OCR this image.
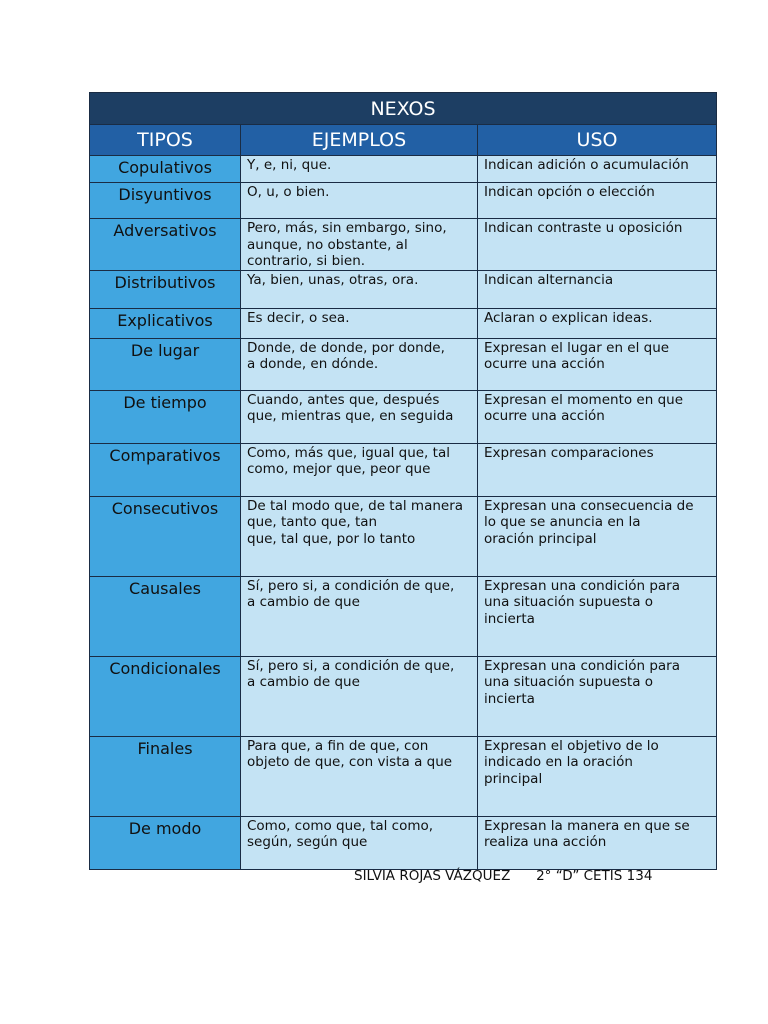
NEXOS		
TIPOS	EJEMPLOS	USO
Copulativos	Y, e, ni, que.	Indican adición o acumulación

Disyuntivos	O, u, o bien.	Indican opción o elección

Adversativos	Pero, más, sin embargo, sino,
aunque, no obstante, al
contrario, si bien.	Indican contraste u oposición

Distributivos	Ya, bien, unas, otras, ora.	Indican alternancia

Explicativos	Es decir, o sea.	Aclaran o explican ideas.

De lugar	Donde, de donde, por donde,
a donde, en dónde.	Expresan el lugar en el que
ocurre una acción

De tiempo	Cuando, antes que, después
que, mientras que, en seguida	Expresan el momento en que
ocurre una acción

Comparativos	Como, más que, igual que, tal
como, mejor que, peor que	Expresan comparaciones

Consecutivos	De tal modo que, de tal manera
que, tanto que, tan
que, tal que, por lo tanto	Expresan una consecuencia de
lo que se anuncia en la
oración principal

Causales	Sí, pero si, a condición de que,
a cambio de que	Expresan una condición para
una situación supuesta o
incierta

Condicionales	Sí, pero si, a condición de que,
a cambio de que	Expresan una condición para
una situación supuesta o
incierta

Finales	Para que, a fin de que, con
objeto de que, con vista a que	Expresan el objetivo de lo
indicado en la oración
principal

De modo	Como, como que, tal como,
según, según que	Expresan la manera en que se
realiza una acción
SILVIA ROJAS VÁZQUEZ 2° “D” CETIS 134
